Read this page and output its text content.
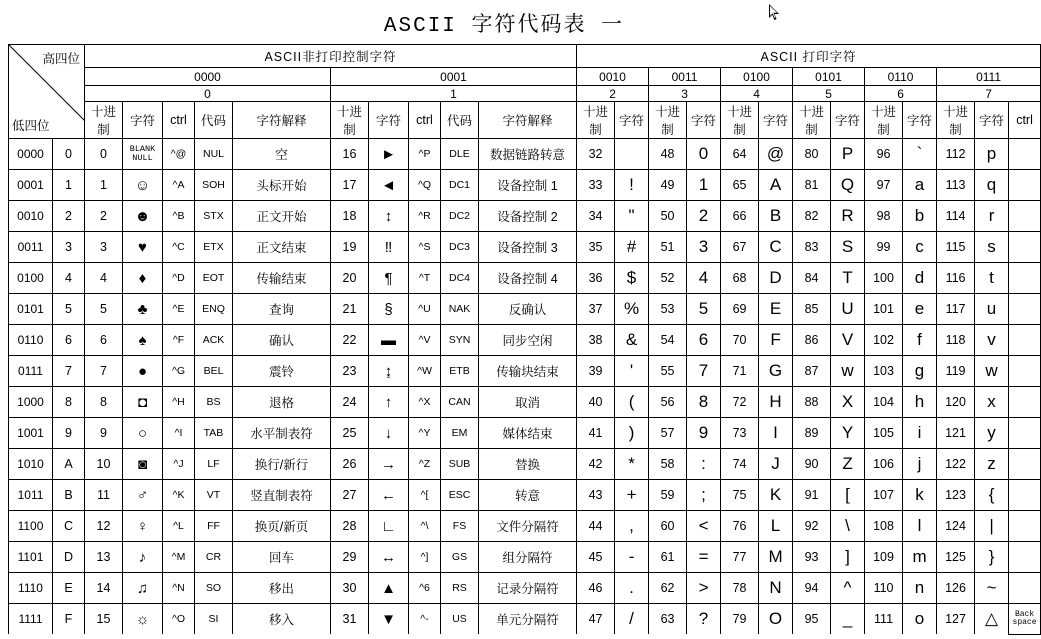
ASCII 字符代码表 一
高四位
低四位		ASCII非打印控制字符										ASCII 打印字符												
		0000					0001					0010		0011		0100		0101		0110		0111		
		0					1					2		3		4		5		6		7		
		十进制	字符	ctrl	代码	字符解释	十进制	字符	ctrl	代码	字符解释	十进制	字符	十进制	字符	十进制	字符	十进制	字符	十进制	字符	十进制	字符	ctrl
0000	0	0	BLANK
NULL	^@	NUL	空	16	►	^P	DLE	数据链路转意	32		48	0	64	@	80	P	96	`	112	p	
0001	1	1	☺	^A	SOH	头标开始	17	◄	^Q	DC1	设备控制 1	33	!	49	1	65	A	81	Q	97	a	113	q	
0010	2	2	☻	^B	STX	正文开始	18	↕	^R	DC2	设备控制 2	34	"	50	2	66	B	82	R	98	b	114	r	
0011	3	3	♥	^C	ETX	正文结束	19	‼	^S	DC3	设备控制 3	35	#	51	3	67	C	83	S	99	c	115	s	
0100	4	4	♦	^D	EOT	传输结束	20	¶	^T	DC4	设备控制 4	36	$	52	4	68	D	84	T	100	d	116	t	
0101	5	5	♣	^E	ENQ	查询	21	§	^U	NAK	反确认	37	%	53	5	69	E	85	U	101	e	117	u	
0110	6	6	♠	^F	ACK	确认	22	▬	^V	SYN	同步空闲	38	&	54	6	70	F	86	V	102	f	118	v	
0111	7	7	●	^G	BEL	震铃	23	↨	^W	ETB	传输块结束	39	'	55	7	71	G	87	w	103	g	119	w	
1000	8	8	◘	^H	BS	退格	24	↑	^X	CAN	取消	40	(	56	8	72	H	88	X	104	h	120	x	
1001	9	9	○	^I	TAB	水平制表符	25	↓	^Y	EM	媒体结束	41	)	57	9	73	I	89	Y	105	i	121	y	
1010	A	10	◙	^J	LF	换行/新行	26	→	^Z	SUB	替换	42	*	58	:	74	J	90	Z	106	j	122	z	
1011	B	11	♂	^K	VT	竖直制表符	27	←	^[	ESC	转意	43	+	59	;	75	K	91	[	107	k	123	{	
1100	C	12	♀	^L	FF	换页/新页	28	∟	^\	FS	文件分隔符	44	,	60	<	76	L	92	\	108	l	124	|	
1101	D	13	♪	^M	CR	回车	29	↔	^]	GS	组分隔符	45	-	61	=	77	M	93	]	109	m	125	}	
1110	E	14	♫	^N	SO	移出	30	▲	^6	RS	记录分隔符	46	.	62	>	78	N	94	^	110	n	126	~	
1111	F	15	☼	^O	SI	移入	31	▼	^-	US	单元分隔符	47	/	63	?	79	O	95	_	111	o	127	△	Back
space
